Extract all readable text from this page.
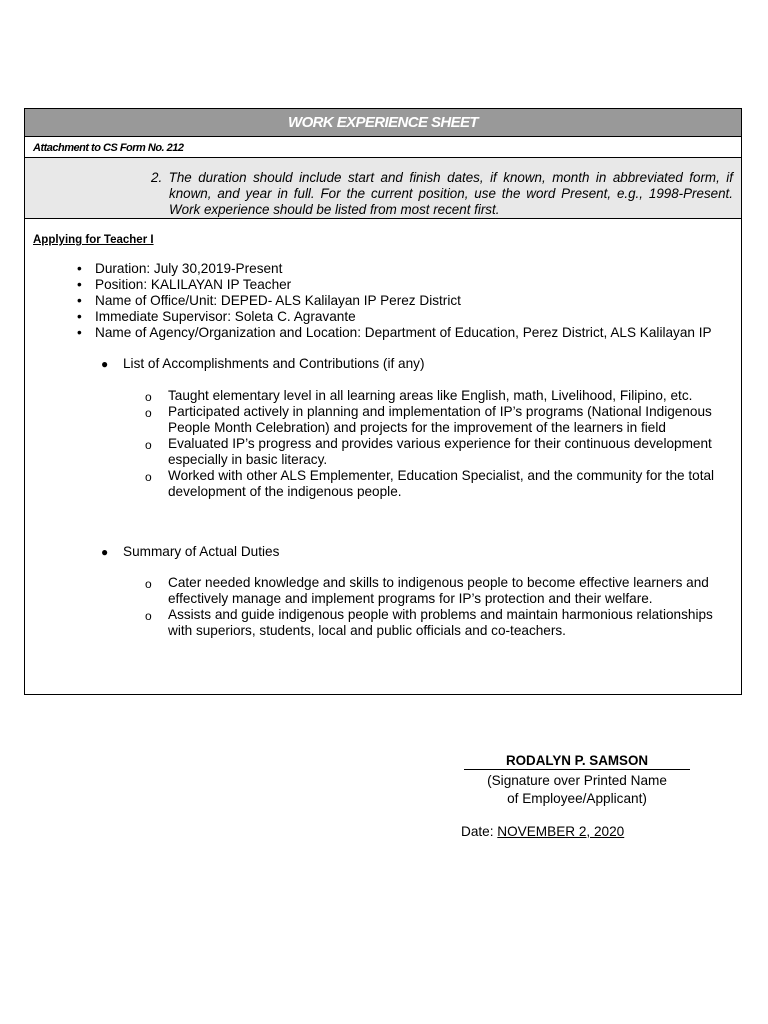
WORK EXPERIENCE SHEET
Attachment to CS Form No. 212
2. The duration should include start and finish dates, if known, month in abbreviated form, if known, and year in full. For the current position, use the word Present, e.g., 1998-Present. Work experience should be listed from most recent first.
Applying for Teacher I
• Duration: July 30,2019-Present
• Position: KALILAYAN IP Teacher
• Name of Office/Unit: DEPED- ALS Kalilayan IP Perez District
• Immediate Supervisor: Soleta C. Agravante
• Name of Agency/Organization and Location: Department of Education, Perez District, ALS Kalilayan IP
● List of Accomplishments and Contributions (if any)
o Taught elementary level in all learning areas like English, math, Livelihood, Filipino, etc.
o Participated actively in planning and implementation of IP’s programs (National Indigenous People Month Celebration) and projects for the improvement of the learners in field
o Evaluated IP’s progress and provides various experience for their continuous development especially in basic literacy.
o Worked with other ALS Emplementer, Education Specialist, and the community for the total development of the indigenous people.
● Summary of Actual Duties
o Cater needed knowledge and skills to indigenous people to become effective learners and effectively manage and implement programs for IP’s protection and their welfare.
o Assists and guide indigenous people with problems and maintain harmonious relationships with superiors, students, local and public officials and co-teachers.
RODALYN P. SAMSON
(Signature over Printed Name
of Employee/Applicant)
Date: NOVEMBER 2, 2020
